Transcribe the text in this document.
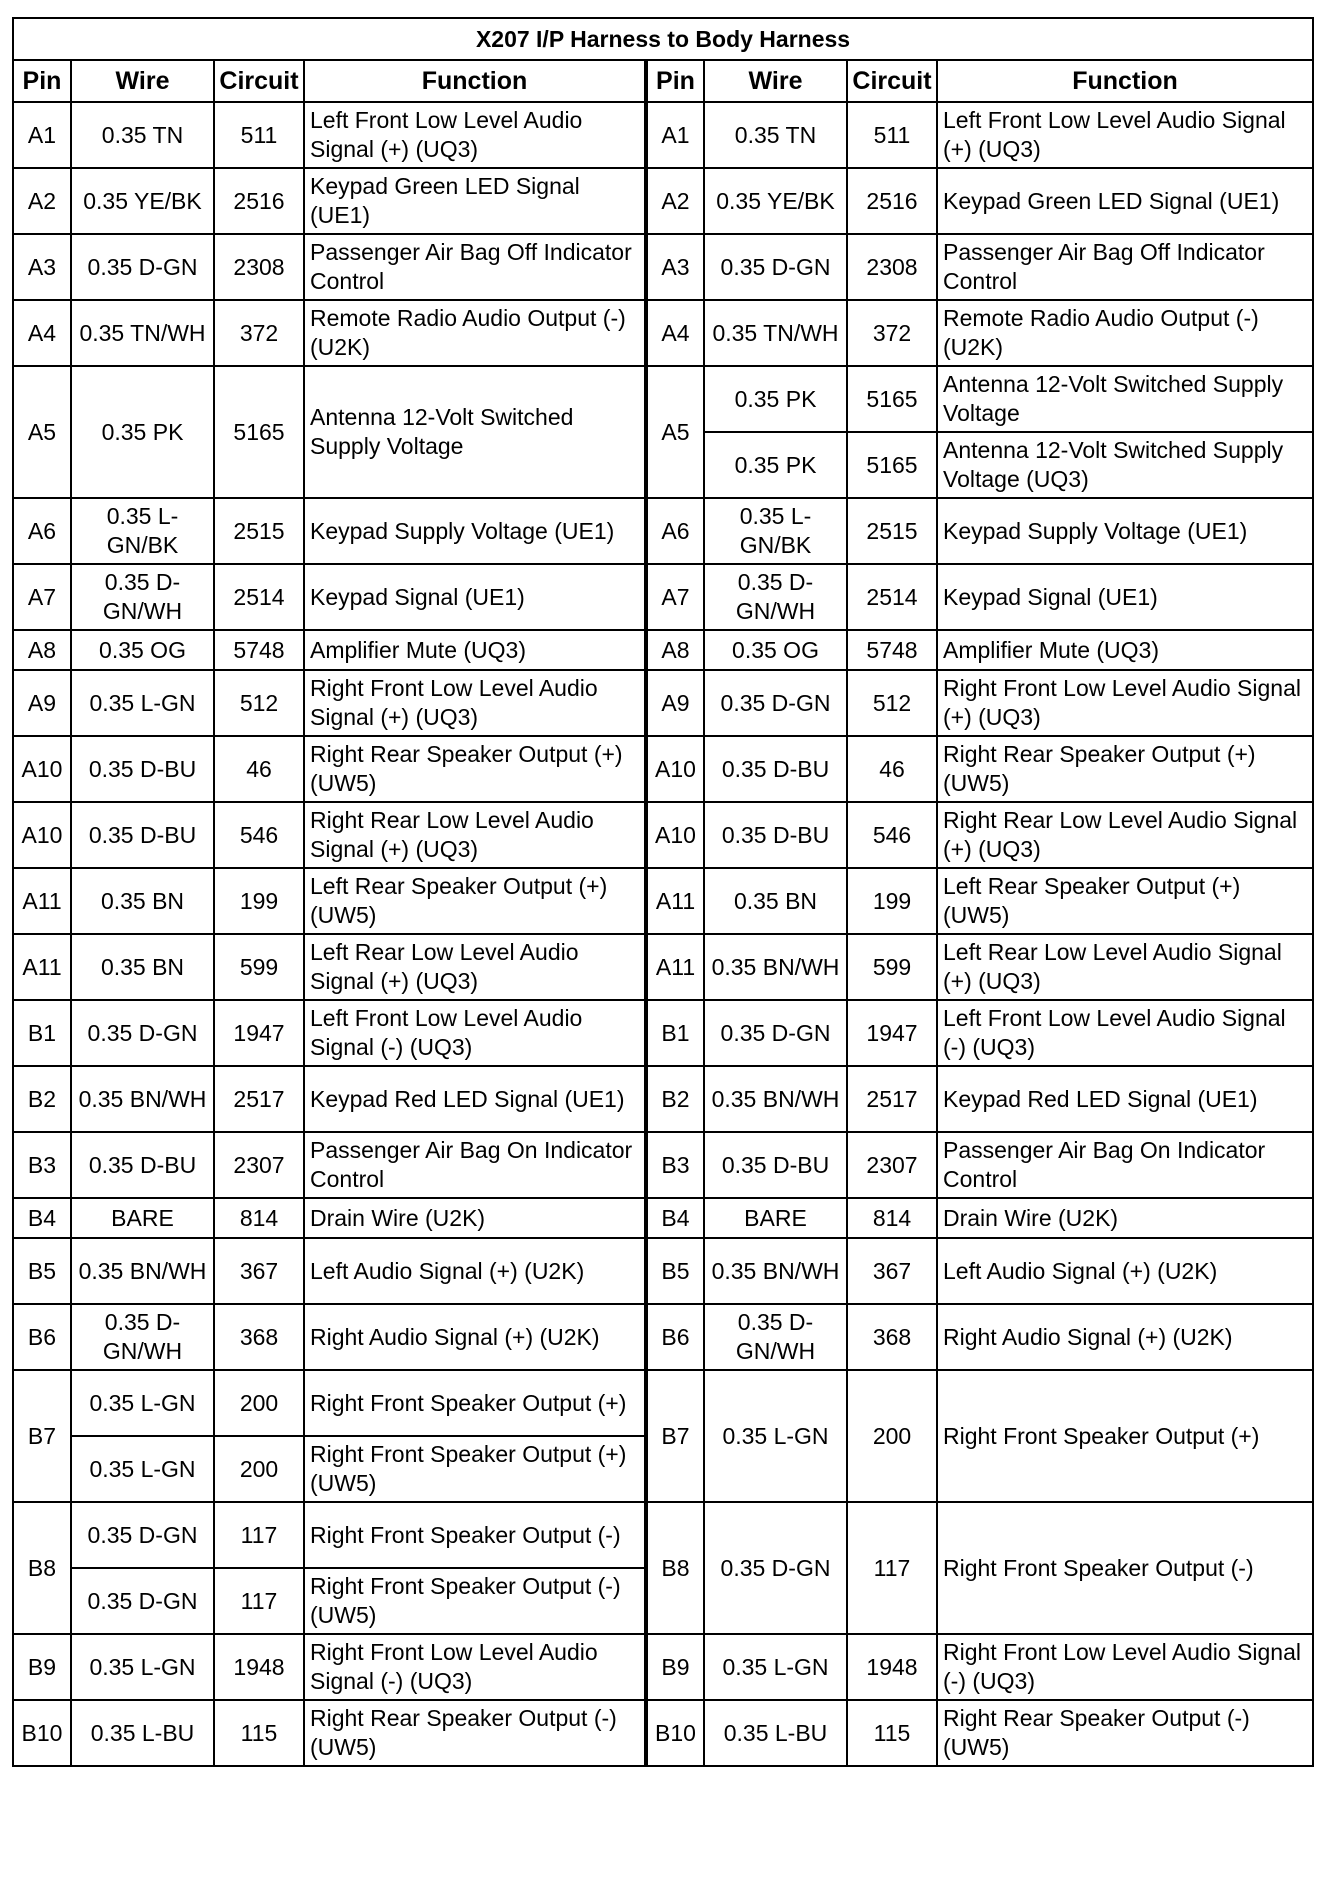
X207 I/P Harness to Body Harness							
Pin	Wire	Circuit	Function	Pin	Wire	Circuit	Function
A1	0.35 TN	511	Left Front Low Level Audio Signal (+) (UQ3)	A1	0.35 TN	511	Left Front Low Level Audio Signal (+) (UQ3)
A2	0.35 YE/BK	2516	Keypad Green LED Signal (UE1)	A2	0.35 YE/BK	2516	Keypad Green LED Signal (UE1)
A3	0.35 D-GN	2308	Passenger Air Bag Off Indicator Control	A3	0.35 D-GN	2308	Passenger Air Bag Off Indicator Control
A4	0.35 TN/WH	372	Remote Radio Audio Output (-) (U2K)	A4	0.35 TN/WH	372	Remote Radio Audio Output (-) (U2K)
A5	0.35 PK	5165	Antenna 12-Volt Switched Supply Voltage	A5	0.35 PK	5165	Antenna 12-Volt Switched Supply Voltage
					0.35 PK	5165	Antenna 12-Volt Switched Supply Voltage (UQ3)
A6	0.35 L-GN/BK	2515	Keypad Supply Voltage (UE1)	A6	0.35 L-GN/BK	2515	Keypad Supply Voltage (UE1)
A7	0.35 D-GN/WH	2514	Keypad Signal (UE1)	A7	0.35 D-GN/WH	2514	Keypad Signal (UE1)
A8	0.35 OG	5748	Amplifier Mute (UQ3)	A8	0.35 OG	5748	Amplifier Mute (UQ3)
A9	0.35 L-GN	512	Right Front Low Level Audio Signal (+) (UQ3)	A9	0.35 D-GN	512	Right Front Low Level Audio Signal (+) (UQ3)
A10	0.35 D-BU	46	Right Rear Speaker Output (+) (UW5)	A10	0.35 D-BU	46	Right Rear Speaker Output (+) (UW5)
A10	0.35 D-BU	546	Right Rear Low Level Audio Signal (+) (UQ3)	A10	0.35 D-BU	546	Right Rear Low Level Audio Signal (+) (UQ3)
A11	0.35 BN	199	Left Rear Speaker Output (+) (UW5)	A11	0.35 BN	199	Left Rear Speaker Output (+) (UW5)
A11	0.35 BN	599	Left Rear Low Level Audio Signal (+) (UQ3)	A11	0.35 BN/WH	599	Left Rear Low Level Audio Signal (+) (UQ3)
B1	0.35 D-GN	1947	Left Front Low Level Audio Signal (-) (UQ3)	B1	0.35 D-GN	1947	Left Front Low Level Audio Signal (-) (UQ3)
B2	0.35 BN/WH	2517	Keypad Red LED Signal (UE1)	B2	0.35 BN/WH	2517	Keypad Red LED Signal (UE1)
B3	0.35 D-BU	2307	Passenger Air Bag On Indicator Control	B3	0.35 D-BU	2307	Passenger Air Bag On Indicator Control
B4	BARE	814	Drain Wire (U2K)	B4	BARE	814	Drain Wire (U2K)
B5	0.35 BN/WH	367	Left Audio Signal (+) (U2K)	B5	0.35 BN/WH	367	Left Audio Signal (+) (U2K)
B6	0.35 D-GN/WH	368	Right Audio Signal (+) (U2K)	B6	0.35 D-GN/WH	368	Right Audio Signal (+) (U2K)
B7	0.35 L-GN	200	Right Front Speaker Output (+)	B7	0.35 L-GN	200	Right Front Speaker Output (+)
	0.35 L-GN	200	Right Front Speaker Output (+) (UW5)				
B8	0.35 D-GN	117	Right Front Speaker Output (-)	B8	0.35 D-GN	117	Right Front Speaker Output (-)
	0.35 D-GN	117	Right Front Speaker Output (-) (UW5)				
B9	0.35 L-GN	1948	Right Front Low Level Audio Signal (-) (UQ3)	B9	0.35 L-GN	1948	Right Front Low Level Audio Signal (-) (UQ3)
B10	0.35 L-BU	115	Right Rear Speaker Output (-) (UW5)	B10	0.35 L-BU	115	Right Rear Speaker Output (-) (UW5)
